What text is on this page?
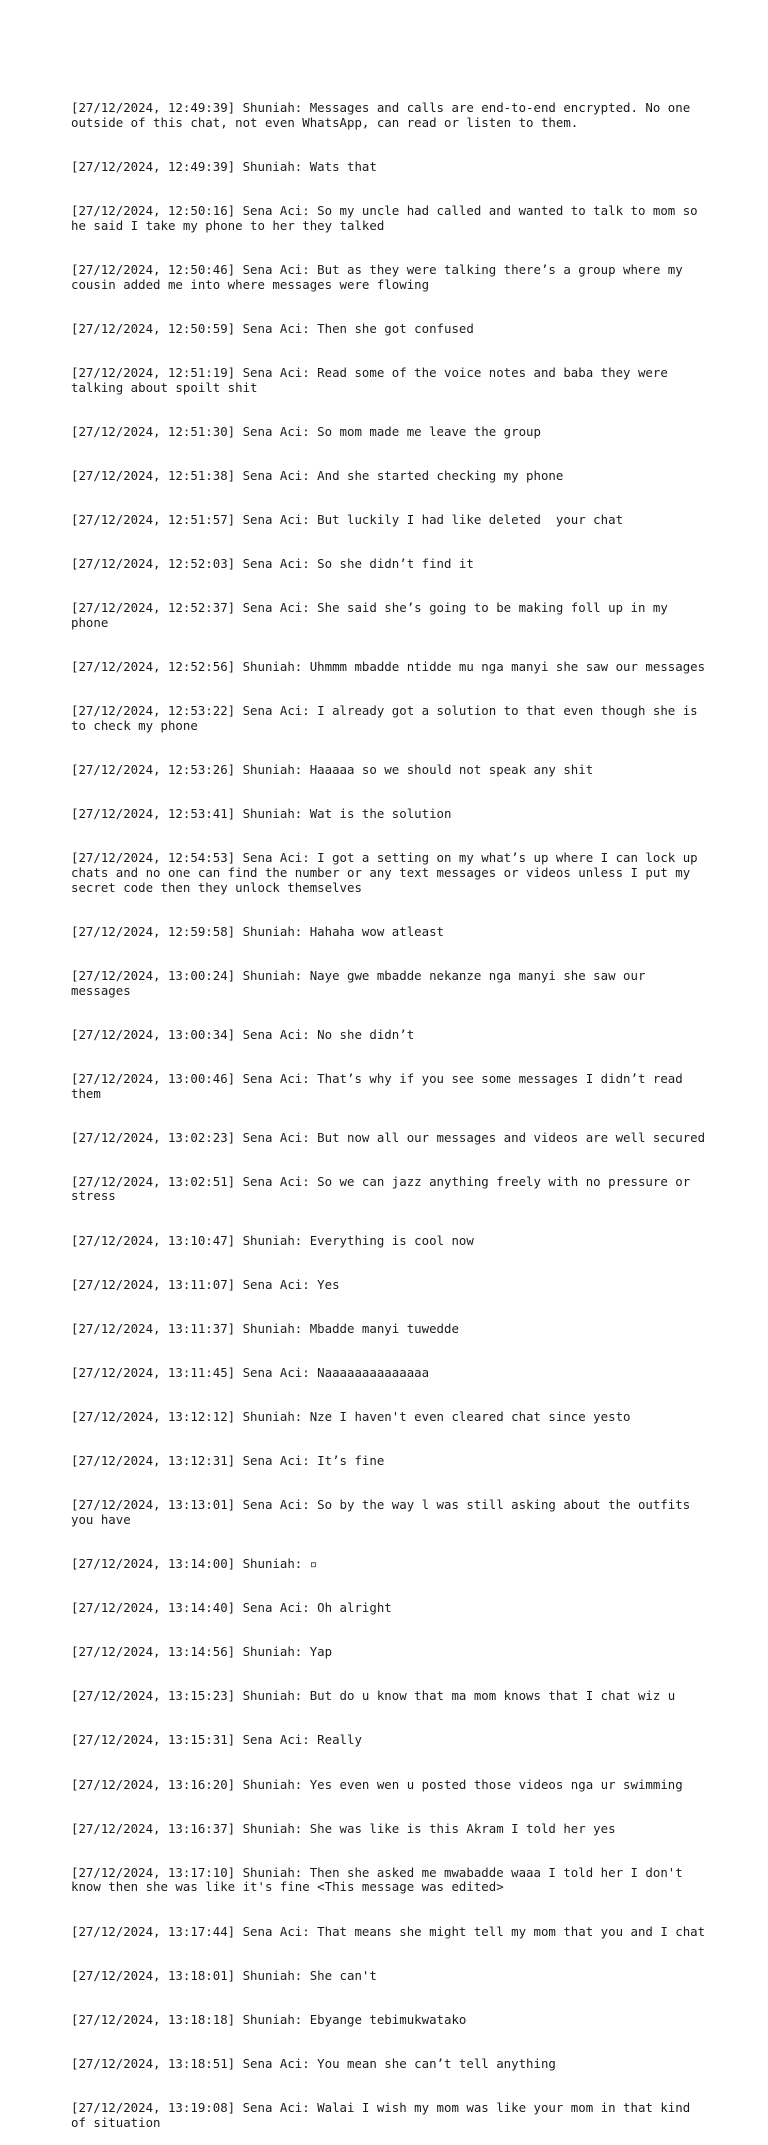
[27/12/2024, 12:49:39] Shuniah: Messages and calls are end-to-end encrypted. No one outside of this chat, not even WhatsApp, can read or listen to them.

[27/12/2024, 12:49:39] Shuniah: Wats that

[27/12/2024, 12:50:16] Sena Aci: So my uncle had called and wanted to talk to mom so he said I take my phone to her they talked

[27/12/2024, 12:50:46] Sena Aci: But as they were talking there’s a group where my cousin added me into where messages were flowing

[27/12/2024, 12:50:59] Sena Aci: Then she got confused

[27/12/2024, 12:51:19] Sena Aci: Read some of the voice notes and baba they were talking about spoilt shit

[27/12/2024, 12:51:30] Sena Aci: So mom made me leave the group

[27/12/2024, 12:51:38] Sena Aci: And she started checking my phone

[27/12/2024, 12:51:57] Sena Aci: But luckily I had like deleted  your chat

[27/12/2024, 12:52:03] Sena Aci: So she didn’t find it

[27/12/2024, 12:52:37] Sena Aci: She said she’s going to be making foll up in my phone

[27/12/2024, 12:52:56] Shuniah: Uhmmm mbadde ntidde mu nga manyi she saw our messages

[27/12/2024, 12:53:22] Sena Aci: I already got a solution to that even though she is to check my phone

[27/12/2024, 12:53:26] Shuniah: Haaaaa so we should not speak any shit

[27/12/2024, 12:53:41] Shuniah: Wat is the solution

[27/12/2024, 12:54:53] Sena Aci: I got a setting on my what’s up where I can lock up chats and no one can find the number or any text messages or videos unless I put my secret code then they unlock themselves

[27/12/2024, 12:59:58] Shuniah: Hahaha wow atleast

[27/12/2024, 13:00:24] Shuniah: Naye gwe mbadde nekanze nga manyi she saw our messages

[27/12/2024, 13:00:34] Sena Aci: No she didn’t

[27/12/2024, 13:00:46] Sena Aci: That’s why if you see some messages I didn’t read them

[27/12/2024, 13:02:23] Sena Aci: But now all our messages and videos are well secured

[27/12/2024, 13:02:51] Sena Aci: So we can jazz anything freely with no pressure or stress

[27/12/2024, 13:10:47] Shuniah: Everything is cool now

[27/12/2024, 13:11:07] Sena Aci: Yes

[27/12/2024, 13:11:37] Shuniah: Mbadde manyi tuwedde

[27/12/2024, 13:11:45] Sena Aci: Naaaaaaaaaaaaaa

[27/12/2024, 13:12:12] Shuniah: Nze I haven't even cleared chat since yesto

[27/12/2024, 13:12:31] Sena Aci: It’s fine

[27/12/2024, 13:13:01] Sena Aci: So by the way l was still asking about the outfits you have

[27/12/2024, 13:14:00] Shuniah: ▫

[27/12/2024, 13:14:40] Sena Aci: Oh alright

[27/12/2024, 13:14:56] Shuniah: Yap

[27/12/2024, 13:15:23] Shuniah: But do u know that ma mom knows that I chat wiz u

[27/12/2024, 13:15:31] Sena Aci: Really

[27/12/2024, 13:16:20] Shuniah: Yes even wen u posted those videos nga ur swimming

[27/12/2024, 13:16:37] Shuniah: She was like is this Akram I told her yes

[27/12/2024, 13:17:10] Shuniah: Then she asked me mwabadde waaa I told her I don't know then she was like it's fine <This message was edited>

[27/12/2024, 13:17:44] Sena Aci: That means she might tell my mom that you and I chat

[27/12/2024, 13:18:01] Shuniah: She can't

[27/12/2024, 13:18:18] Shuniah: Ebyange tebimukwatako

[27/12/2024, 13:18:51] Sena Aci: You mean she can’t tell anything

[27/12/2024, 13:19:08] Sena Aci: Walai I wish my mom was like your mom in that kind of situation
